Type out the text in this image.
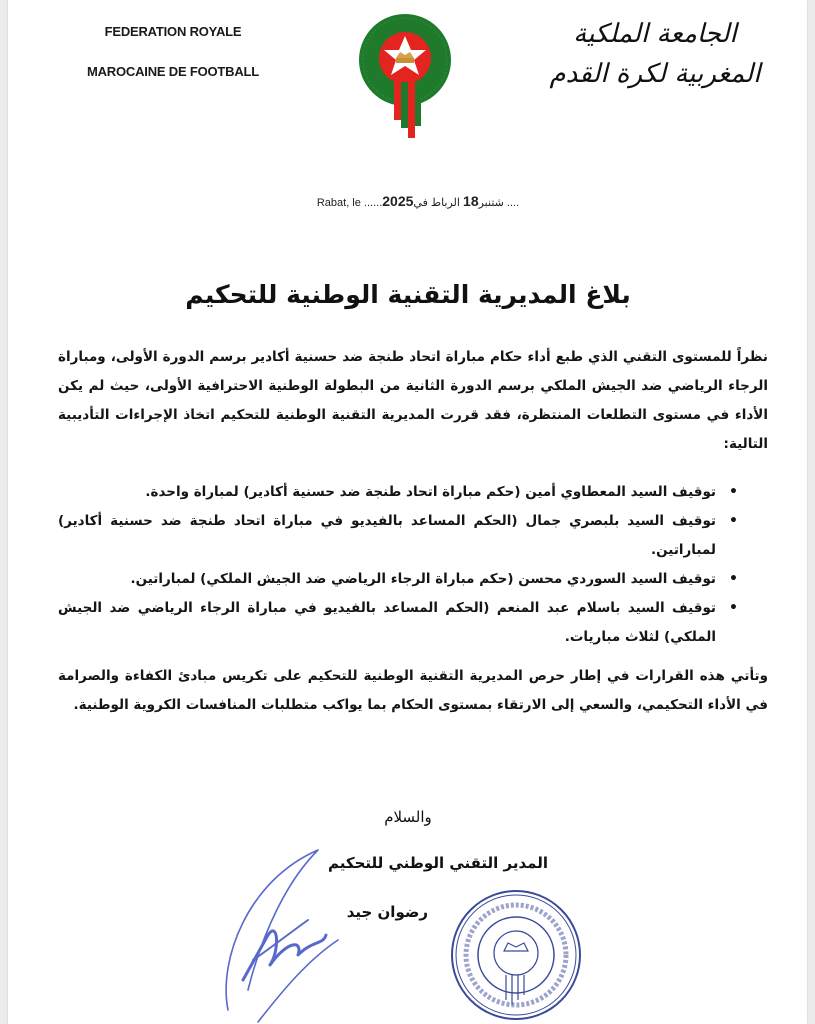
FEDERATION ROYALE
MAROCAINE DE FOOTBALL
الجامعة الملكية
المغربية لكرة القدم
Rabat, le ......2025	شتنبر18 الرباط في ....
بلاغ المديرية التقنية الوطنية للتحكيم
نظراً للمستوى التقني الذي طبع أداء حكام مباراة اتحاد طنجة ضد حسنية أكادير برسم الدورة الأولى، ومباراة الرجاء الرياضي ضد الجيش الملكي برسم الدورة الثانية من البطولة الوطنية الاحترافية الأولى، حيث لم يكن الأداء في مستوى التطلعات المنتظرة، فقد قررت المديرية التقنية الوطنية للتحكيم اتخاذ الإجراءات التأديبية التالية:
• توقيف السيد المعطاوي أمين (حكم مباراة اتحاد طنجة ضد حسنية أكادير) لمباراة واحدة.
• توقيف السيد بلبصري جمال (الحكم المساعد بالفيديو في مباراة اتحاد طنجة ضد حسنية أكادير) لمباراتين.
• توقيف السيد السوردي محسن (حكم مباراة الرجاء الرياضي ضد الجيش الملكي) لمباراتين.
• توقيف السيد باسلام عبد المنعم (الحكم المساعد بالفيديو في مباراة الرجاء الرياضي ضد الجيش الملكي) لثلاث مباريات.
وتأتي هذه القرارات في إطار حرص المديرية التقنية الوطنية للتحكيم على تكريس مبادئ الكفاءة والصرامة في الأداء التحكيمي، والسعي إلى الارتقاء بمستوى الحكام بما يواكب متطلبات المنافسات الكروية الوطنية.
والسلام
المدير التقني الوطني للتحكيم
رضوان جيد
